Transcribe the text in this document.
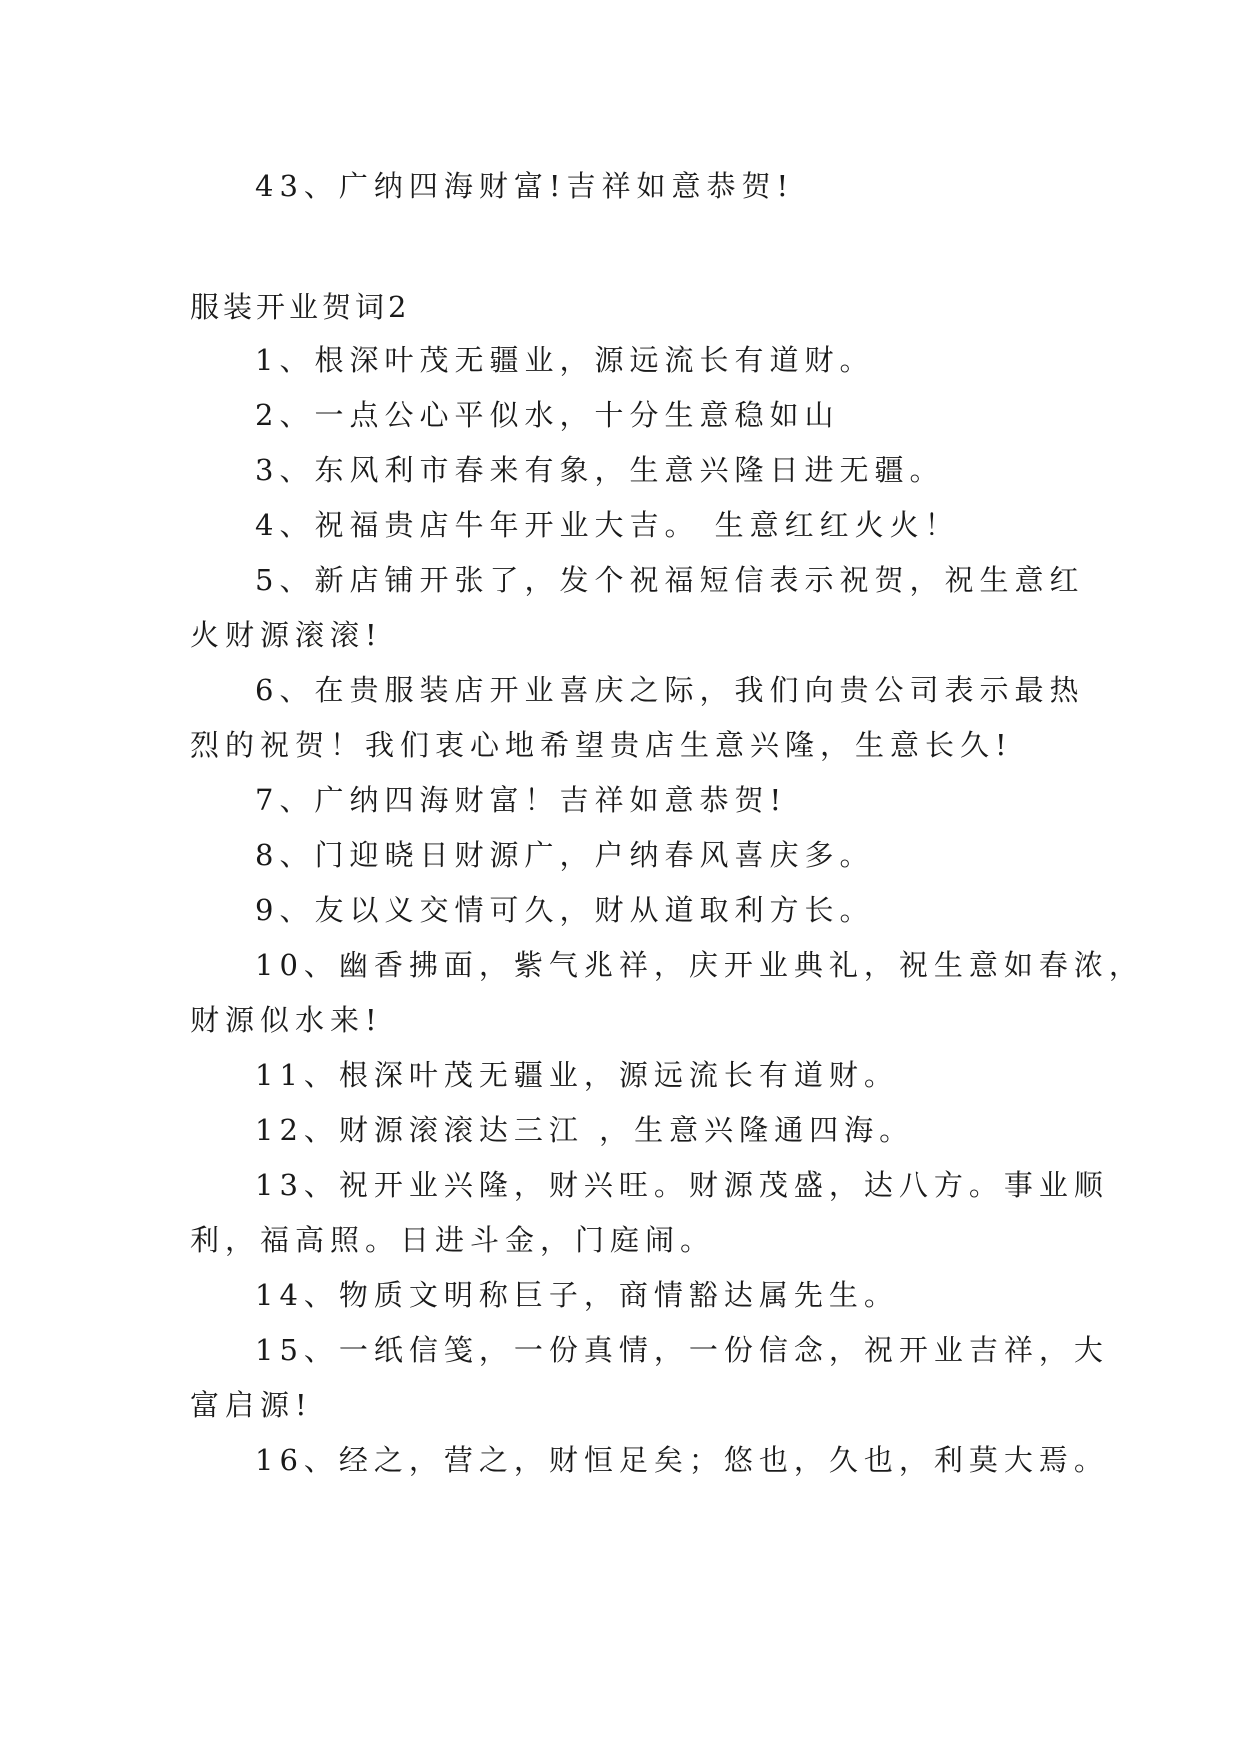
43、广纳四海财富!吉祥如意恭贺!

服装开业贺词2

1、根深叶茂无疆业，源远流长有道财。

2、一点公心平似水，十分生意稳如山

3、东风利市春来有象，生意兴隆日进无疆。

4、祝福贵店牛年开业大吉。 生意红红火火！

5、新店铺开张了，发个祝福短信表示祝贺，祝生意红

火财源滚滚!

6、在贵服装店开业喜庆之际，我们向贵公司表示最热

烈的祝贺！我们衷心地希望贵店生意兴隆，生意长久!

7、广纳四海财富！吉祥如意恭贺!

8、门迎晓日财源广，户纳春风喜庆多。

9、友以义交情可久，财从道取利方长。

10、幽香拂面，紫气兆祥，庆开业典礼，祝生意如春浓，

财源似水来!

11、根深叶茂无疆业，源远流长有道财。

12、财源滚滚达三江 ，生意兴隆通四海。

13、祝开业兴隆，财兴旺。财源茂盛，达八方。事业顺

利，福高照。日进斗金，门庭闹。

14、物质文明称巨子，商情豁达属先生。

15、一纸信笺，一份真情，一份信念，祝开业吉祥，大

富启源!

16、经之，营之，财恒足矣；悠也，久也，利莫大焉。
